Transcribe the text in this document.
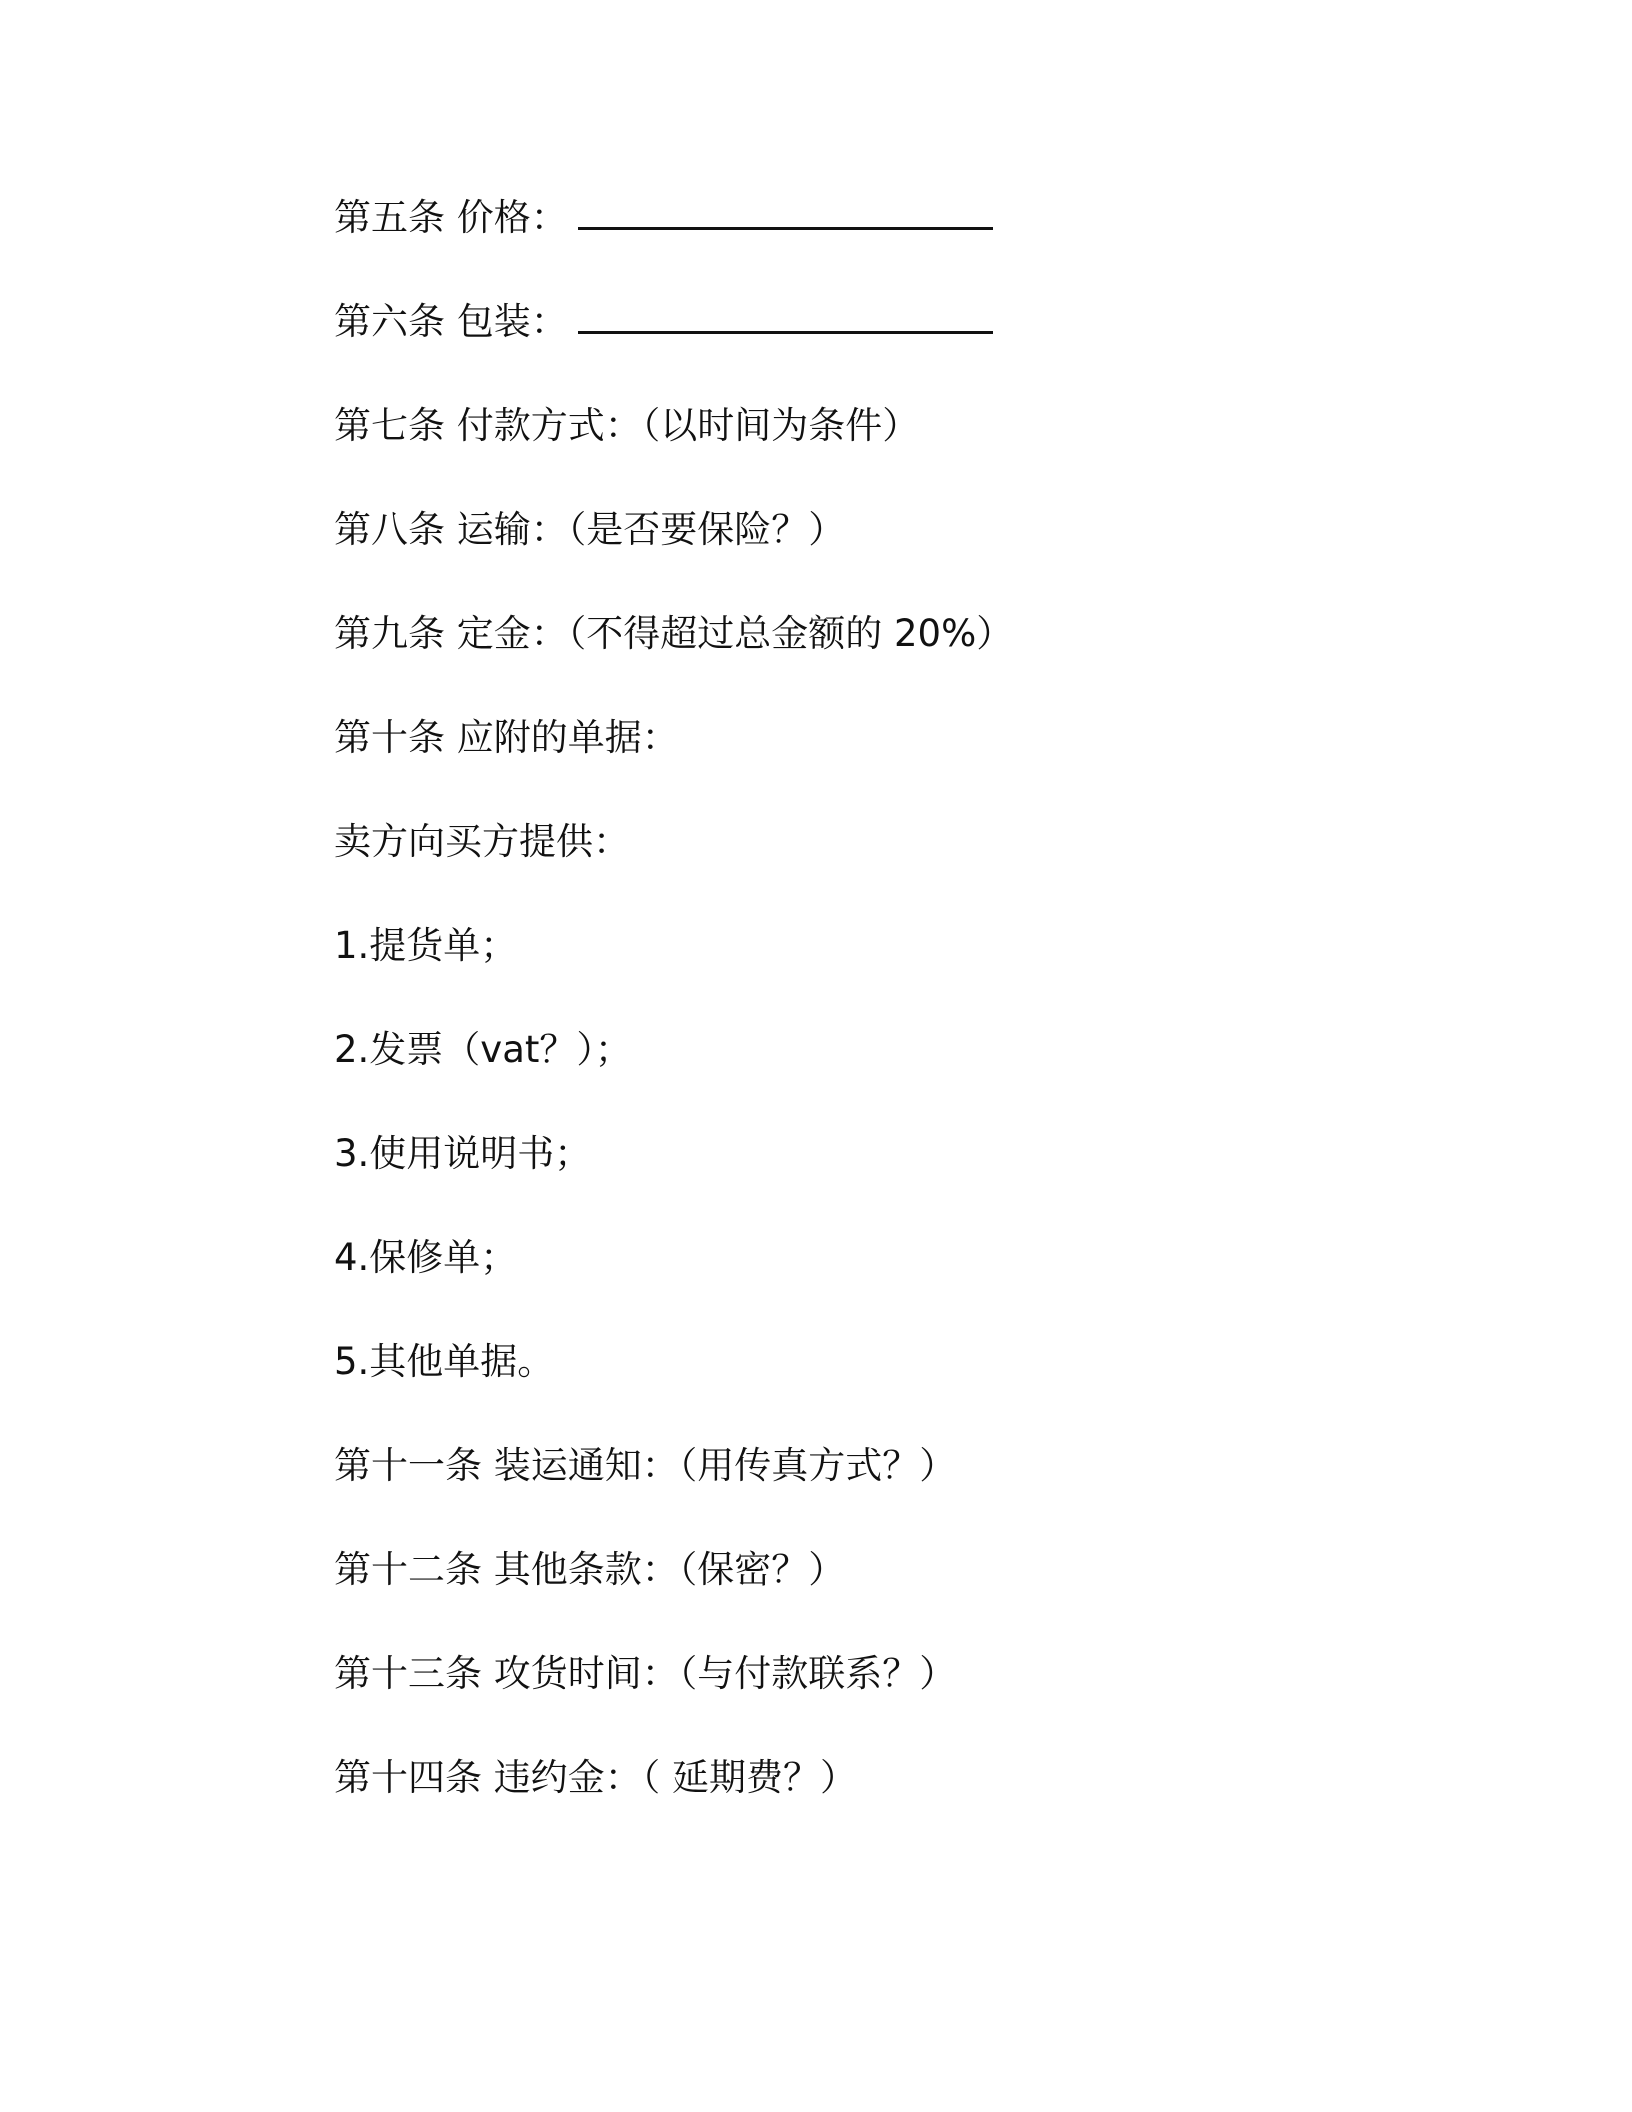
第五条 价格：
第六条 包装：
第七条 付款方式：（以时间为条件）
第八条 运输：（是否要保险？）
第九条 定金：（不得超过总金额的 20%）
第十条 应附的单据：
卖方向买方提供：
1.提货单；
2.发票（vat？）；
3.使用说明书；
4.保修单；
5.其他单据。
第十一条 装运通知：（用传真方式？）
第十二条 其他条款：（保密？）
第十三条 攻货时间：（与付款联系？）
第十四条 违约金：（ 延期费？）
